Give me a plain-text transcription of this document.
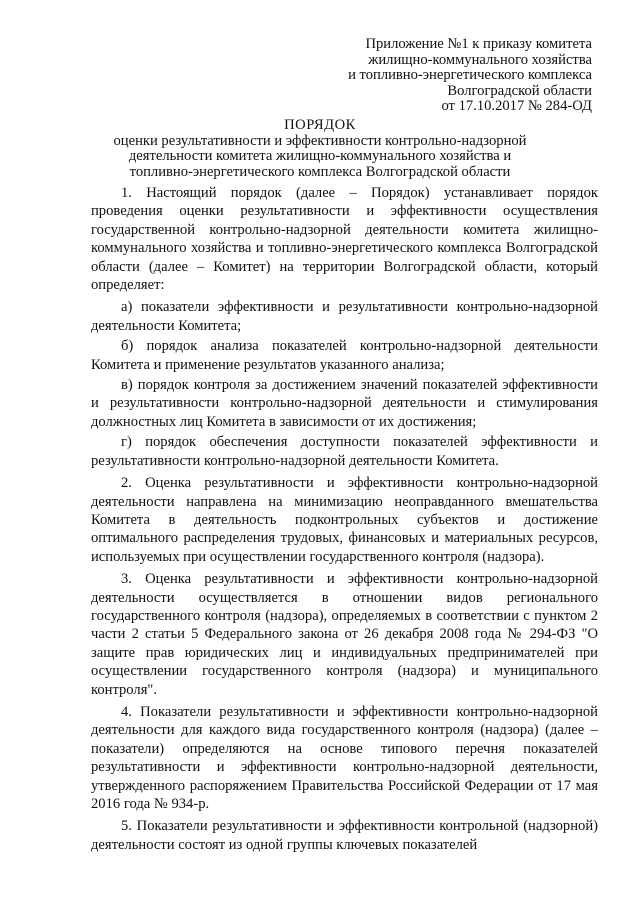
Приложение №1 к приказу комитета
жилищно-коммунального хозяйства
и топливно-энергетического комплекса
Волгоградской области
от 17.10.2017 № 284-ОД
ПОРЯДОК
оценки результативности и эффективности контрольно-надзорной
деятельности комитета жилищно-коммунального хозяйства и
топливно-энергетического комплекса Волгоградской области

1. Настоящий порядок (далее – Порядок) устанавливает порядок проведения оценки результативности и эффективности осуществления государственной контрольно-надзорной деятельности комитета жилищно-коммунального хозяйства и топливно-энергетического комплекса Волгоградской области (далее – Комитет) на территории Волгоградской области, который определяет:

а) показатели эффективности и результативности контрольно-надзорной деятельности Комитета;

б) порядок анализа показателей контрольно-надзорной деятельности Комитета и применение результатов указанного анализа;

в) порядок контроля за достижением значений показателей эффективности и результативности контрольно-надзорной деятельности и стимулирования должностных лиц Комитета в зависимости от их достижения;

г) порядок обеспечения доступности показателей эффективности и результативности контрольно-надзорной деятельности Комитета.

2. Оценка результативности и эффективности контрольно-надзорной деятельности направлена на минимизацию неоправданного вмешательства Комитета в деятельность подконтрольных субъектов и достижение оптимального распределения трудовых, финансовых и материальных ресурсов, используемых при осуществлении государственного контроля (надзора).

3. Оценка результативности и эффективности контрольно-надзорной деятельности осуществляется в отношении видов регионального государственного контроля (надзора), определяемых в соответствии с пунктом 2 части 2 статьи 5 Федерального закона от 26 декабря 2008 года № 294-ФЗ "О защите прав юридических лиц и индивидуальных предпринимателей при осуществлении государственного контроля (надзора) и муниципального контроля".

4. Показатели результативности и эффективности контрольно-надзорной деятельности для каждого вида государственного контроля (надзора) (далее – показатели) определяются на основе типового перечня показателей результативности и эффективности контрольно-надзорной деятельности, утвержденного распоряжением Правительства Российской Федерации от 17 мая 2016 года № 934-р.

5. Показатели результативности и эффективности контрольной (надзорной) деятельности состоят из одной группы ключевых показателей
